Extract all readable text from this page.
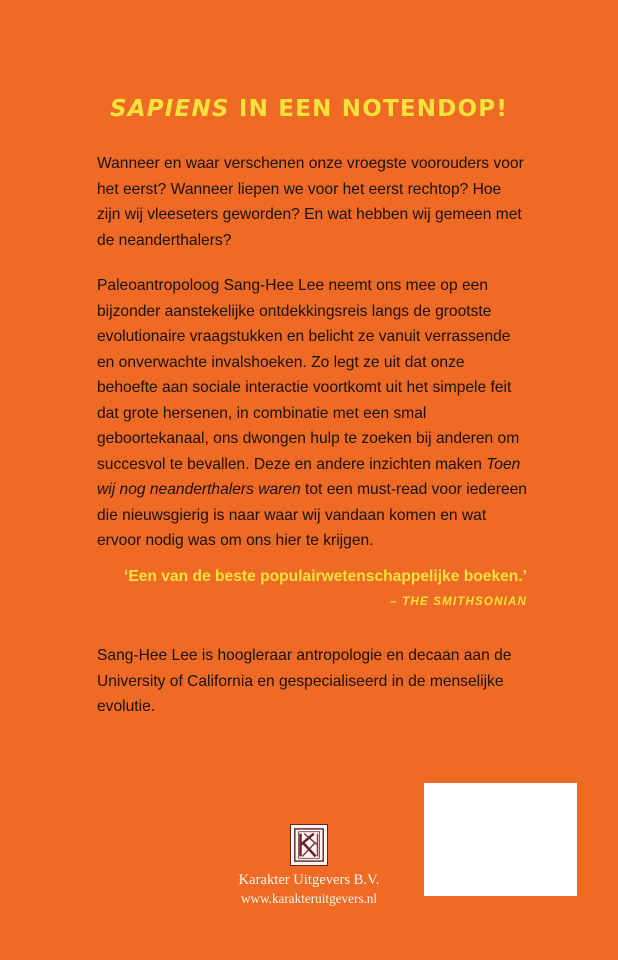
SAPIENS IN EEN NOTENDOP!

Wanneer en waar verschenen onze vroegste voorouders voor het eerst? Wanneer liepen we voor het eerst rechtop? Hoe zijn wij vleeseters geworden? En wat hebben wij gemeen met de neanderthalers?

Paleoantropoloog Sang-Hee Lee neemt ons mee op een bijzonder aanstekelijke ontdekkingsreis langs de grootste evolutionaire vraagstukken en belicht ze vanuit verrassende en onverwachte invalshoeken. Zo legt ze uit dat onze behoefte aan sociale interactie voortkomt uit het simpele feit dat grote hersenen, in combinatie met een smal geboortekanaal, ons dwongen hulp te zoeken bij anderen om succesvol te bevallen. Deze en andere inzichten maken Toen wij nog neanderthalers waren tot een must-read voor iedereen die nieuwsgierig is naar waar wij vandaan komen en wat ervoor nodig was om ons hier te krijgen.

‘Een van de beste populairwetenschappelijke boeken.’
– THE SMITHSONIAN

Sang-Hee Lee is hoogleraar antropologie en decaan aan de University of California en gespecialiseerd in de menselijke evolutie.

Karakter Uitgevers B.V.
www.karakteruitgevers.nl
